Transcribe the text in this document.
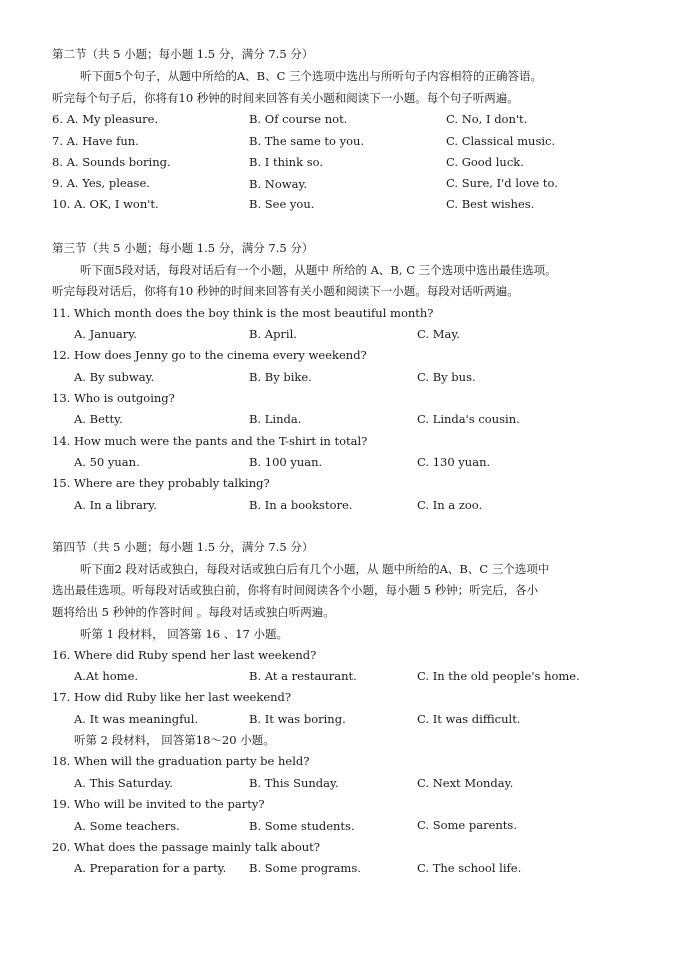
第二节（共 5 小题；每小题 1.5 分，满分 7.5 分）
听下面5个句子，从题中所给的A、B、C 三个选项中选出与所听句子内容相符的正确答语。
听完每个句子后，你将有10 秒钟的时间来回答有关小题和阅读下一小题。每个句子听两遍。
6. A. My pleasure.	B. Of course not.	C. No, I don't.
7. A. Have fun.	B. The same to you.	C. Classical music.
8. A. Sounds boring.	B. I think so.	C. Good luck.
9. A. Yes, please.	B. Noway.	C. Sure, I'd love to.
10. A. OK, I won't.	B. See you.	C. Best wishes.
第三节（共 5 小题；每小题 1.5 分，满分 7.5 分）
听下面5段对话，每段对话后有一个小题，从题中 所给的 A、B, C 三个选项中选出最佳选项。
听完每段对话后，你将有10 秒钟的时间来回答有关小题和阅读下一小题。每段对话听两遍。
11. Which month does the boy think is the most beautiful month?
A. January.	B. April.	C. May.
12. How does Jenny go to the cinema every weekend?
A. By subway.	B. By bike.	C. By bus.
13. Who is outgoing?
A. Betty.	B. Linda.	C. Linda's cousin.
14. How much were the pants and the T-shirt in total?
A. 50 yuan.	B. 100 yuan.	C. 130 yuan.
15. Where are they probably talking?
A. In a library.	B. In a bookstore.	C. In a zoo.
第四节（共 5 小题；每小题 1.5 分，满分 7.5 分）
听下面2 段对话或独白，每段对话或独白后有几个小题，从 题中所给的A、B、C 三个选项中
选出最佳选项。听每段对话或独白前，你将有时间阅读各个小题，每小题 5 秒钟；听完后，各小
题将给出 5 秒钟的作答时间 。每段对话或独白听两遍。
听第 1 段材料， 回答第 16 、17 小题。
16. Where did Ruby spend her last weekend?
A.At home.	B. At a restaurant.	C. In the old people's home.
17. How did Ruby like her last weekend?
A. It was meaningful.	B. It was boring.	C. It was difficult.
听第 2 段材料， 回答第18～20 小题。
18. When will the graduation party be held?
A. This Saturday.	B. This Sunday.	C. Next Monday.
19. Who will be invited to the party?
A. Some teachers.	B. Some students.	C. Some parents.
20. What does the passage mainly talk about?
A. Preparation for a party. B. Some programs.	C. The school life.
